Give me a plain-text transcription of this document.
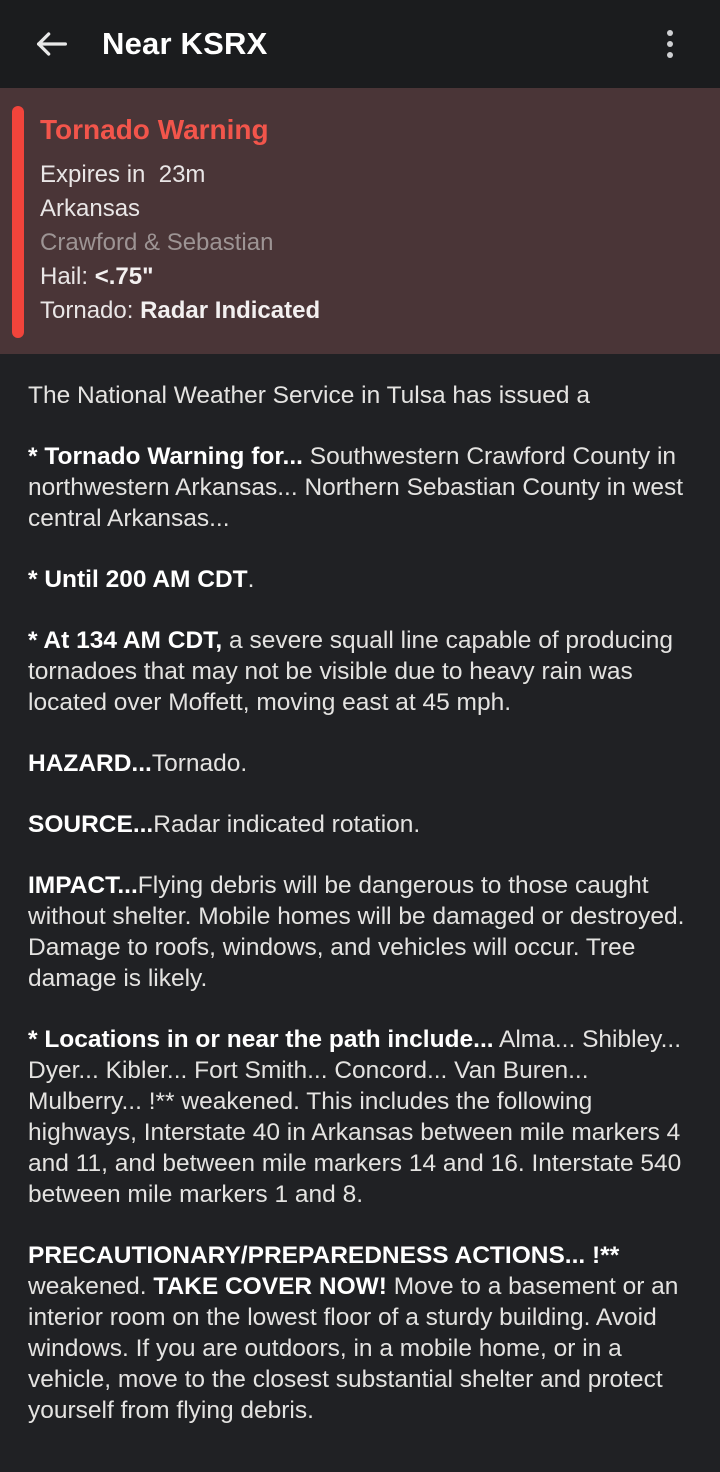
Near KSRX
Tornado Warning
Expires in 23m
Arkansas
Crawford & Sebastian
Hail: <.75"
Tornado: Radar Indicated

The National Weather Service in Tulsa has issued a

* Tornado Warning for... Southwestern Crawford County in northwestern Arkansas... Northern Sebastian County in west central Arkansas...

* Until 200 AM CDT.

* At 134 AM CDT, a severe squall line capable of producing tornadoes that may not be visible due to heavy rain was located over Moffett, moving east at 45 mph.

HAZARD...Tornado.

SOURCE...Radar indicated rotation.

IMPACT...Flying debris will be dangerous to those caught without shelter. Mobile homes will be damaged or destroyed. Damage to roofs, windows, and vehicles will occur. Tree damage is likely.

* Locations in or near the path include... Alma... Shibley... Dyer... Kibler... Fort Smith... Concord... Van Buren... Mulberry... !** weakened. This includes the following highways, Interstate 40 in Arkansas between mile markers 4 and 11, and between mile markers 14 and 16. Interstate 540 between mile markers 1 and 8.

PRECAUTIONARY/PREPAREDNESS ACTIONS... !** weakened. TAKE COVER NOW! Move to a basement or an interior room on the lowest floor of a sturdy building. Avoid windows. If you are outdoors, in a mobile home, or in a vehicle, move to the closest substantial shelter and protect yourself from flying debris.
